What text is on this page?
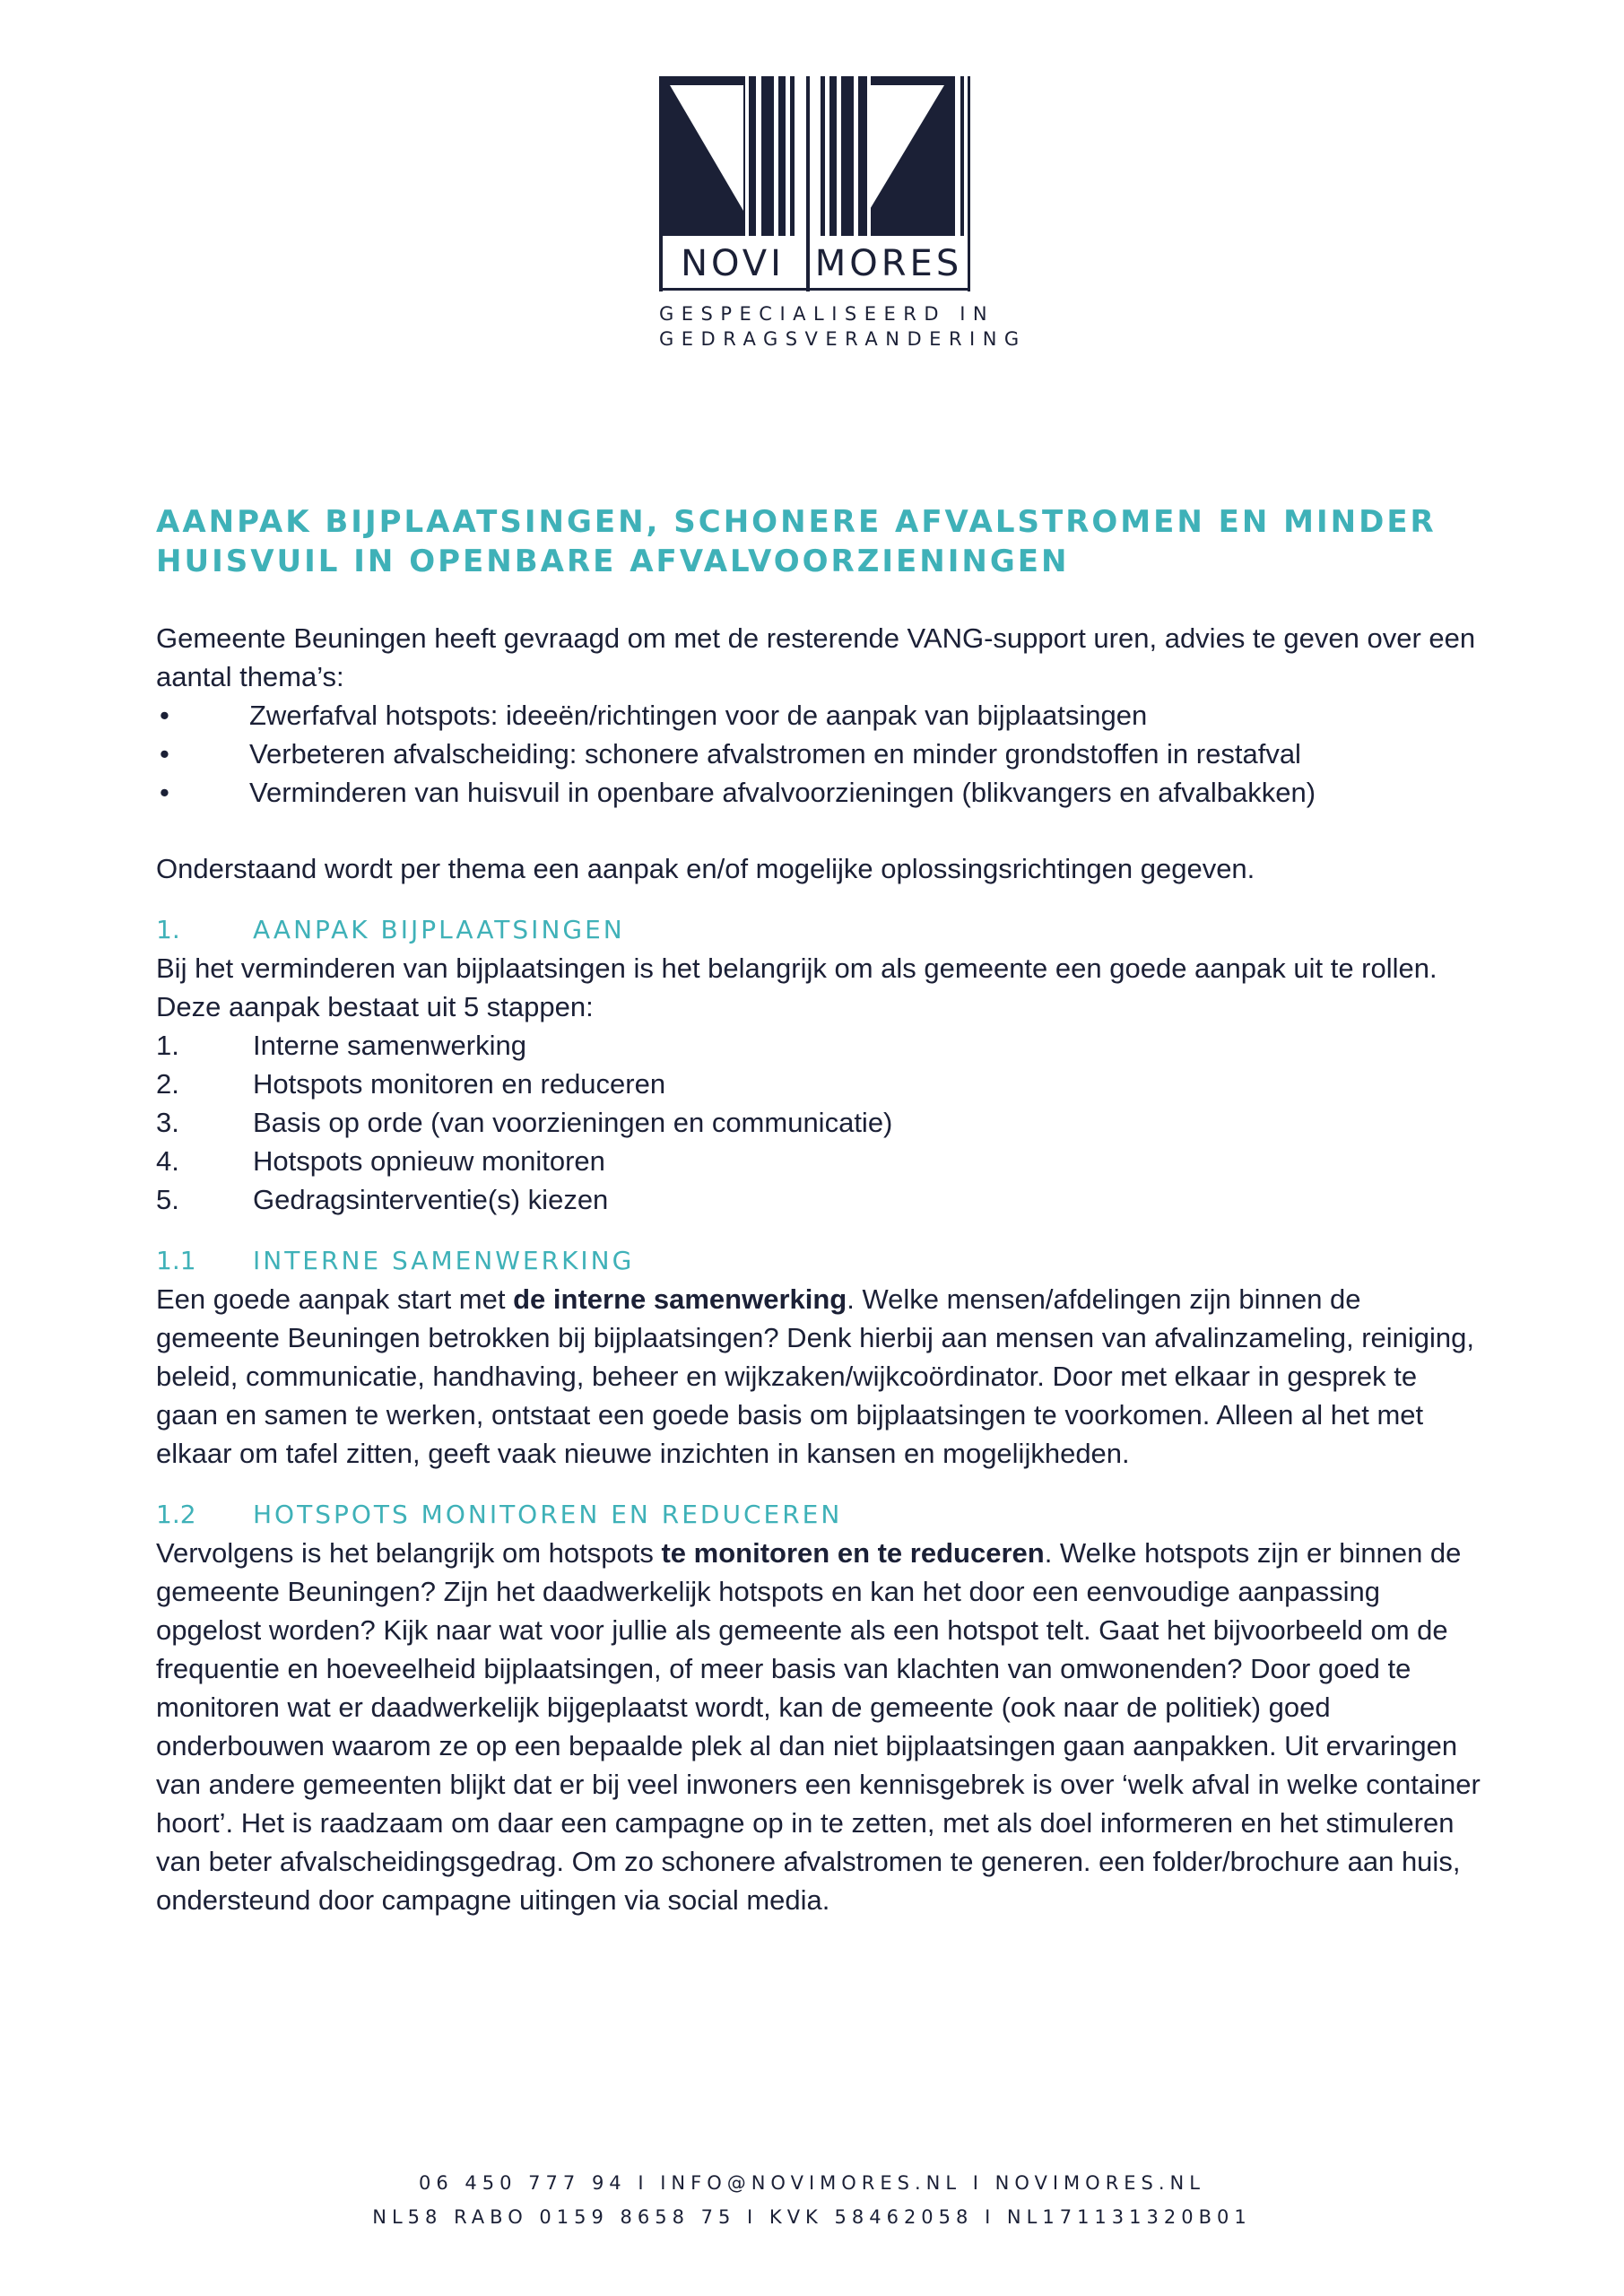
NOVI MORES
GESPECIALISEERD IN
GEDRAGSVERANDERING
AANPAK BIJPLAATSINGEN, SCHONERE AFVALSTROMEN EN MINDER
HUISVUIL IN OPENBARE AFVALVOORZIENINGEN

Gemeente Beuningen heeft gevraagd om met de resterende VANG-support uren, advies te geven over een aantal thema’s:

•	Zwerfafval hotspots: ideeën/richtingen voor de aanpak van bijplaatsingen
•	Verbeteren afvalscheiding: schonere afvalstromen en minder grondstoffen in restafval
•	Verminderen van huisvuil in openbare afvalvoorzieningen (blikvangers en afvalbakken)

Onderstaand wordt per thema een aanpak en/of mogelijke oplossingsrichtingen gegeven.

1.	AANPAK BIJPLAATSINGEN

Bij het verminderen van bijplaatsingen is het belangrijk om als gemeente een goede aanpak uit te rollen. Deze aanpak bestaat uit 5 stappen:

1.	Interne samenwerking
2.	Hotspots monitoren en reduceren
3.	Basis op orde (van voorzieningen en communicatie)
4.	Hotspots opnieuw monitoren
5.	Gedragsinterventie(s) kiezen
1.1	INTERNE SAMENWERKING

Een goede aanpak start met de interne samenwerking. Welke mensen/afdelingen zijn binnen de gemeente Beuningen betrokken bij bijplaatsingen? Denk hierbij aan mensen van afvalinzameling, reiniging, beleid, communicatie, handhaving, beheer en wijkzaken/wijkcoördinator. Door met elkaar in gesprek te gaan en samen te werken, ontstaat een goede basis om bijplaatsingen te voorkomen. Alleen al het met elkaar om tafel zitten, geeft vaak nieuwe inzichten in kansen en mogelijkheden.

1.2	HOTSPOTS MONITOREN EN REDUCEREN

Vervolgens is het belangrijk om hotspots te monitoren en te reduceren. Welke hotspots zijn er binnen de gemeente Beuningen? Zijn het daadwerkelijk hotspots en kan het door een eenvoudige aanpassing opgelost worden? Kijk naar wat voor jullie als gemeente als een hotspot telt. Gaat het bijvoorbeeld om de frequentie en hoeveelheid bijplaatsingen, of meer basis van klachten van omwonenden? Door goed te monitoren wat er daadwerkelijk bijgeplaatst wordt, kan de gemeente (ook naar de politiek) goed onderbouwen waarom ze op een bepaalde plek al dan niet bijplaatsingen gaan aanpakken. Uit ervaringen van andere gemeenten blijkt dat er bij veel inwoners een kennisgebrek is over ‘welk afval in welke container hoort’. Het is raadzaam om daar een campagne op in te zetten, met als doel informeren en het stimuleren van beter afvalscheidingsgedrag. Om zo schonere afvalstromen te generen. een folder/brochure aan huis, ondersteund door campagne uitingen via social media.

06 450 777 94 I INFO@NOVIMORES.NL I NOVIMORES.NL
NL58 RABO 0159 8658 75 I KVK 58462058 I NL171131320B01
